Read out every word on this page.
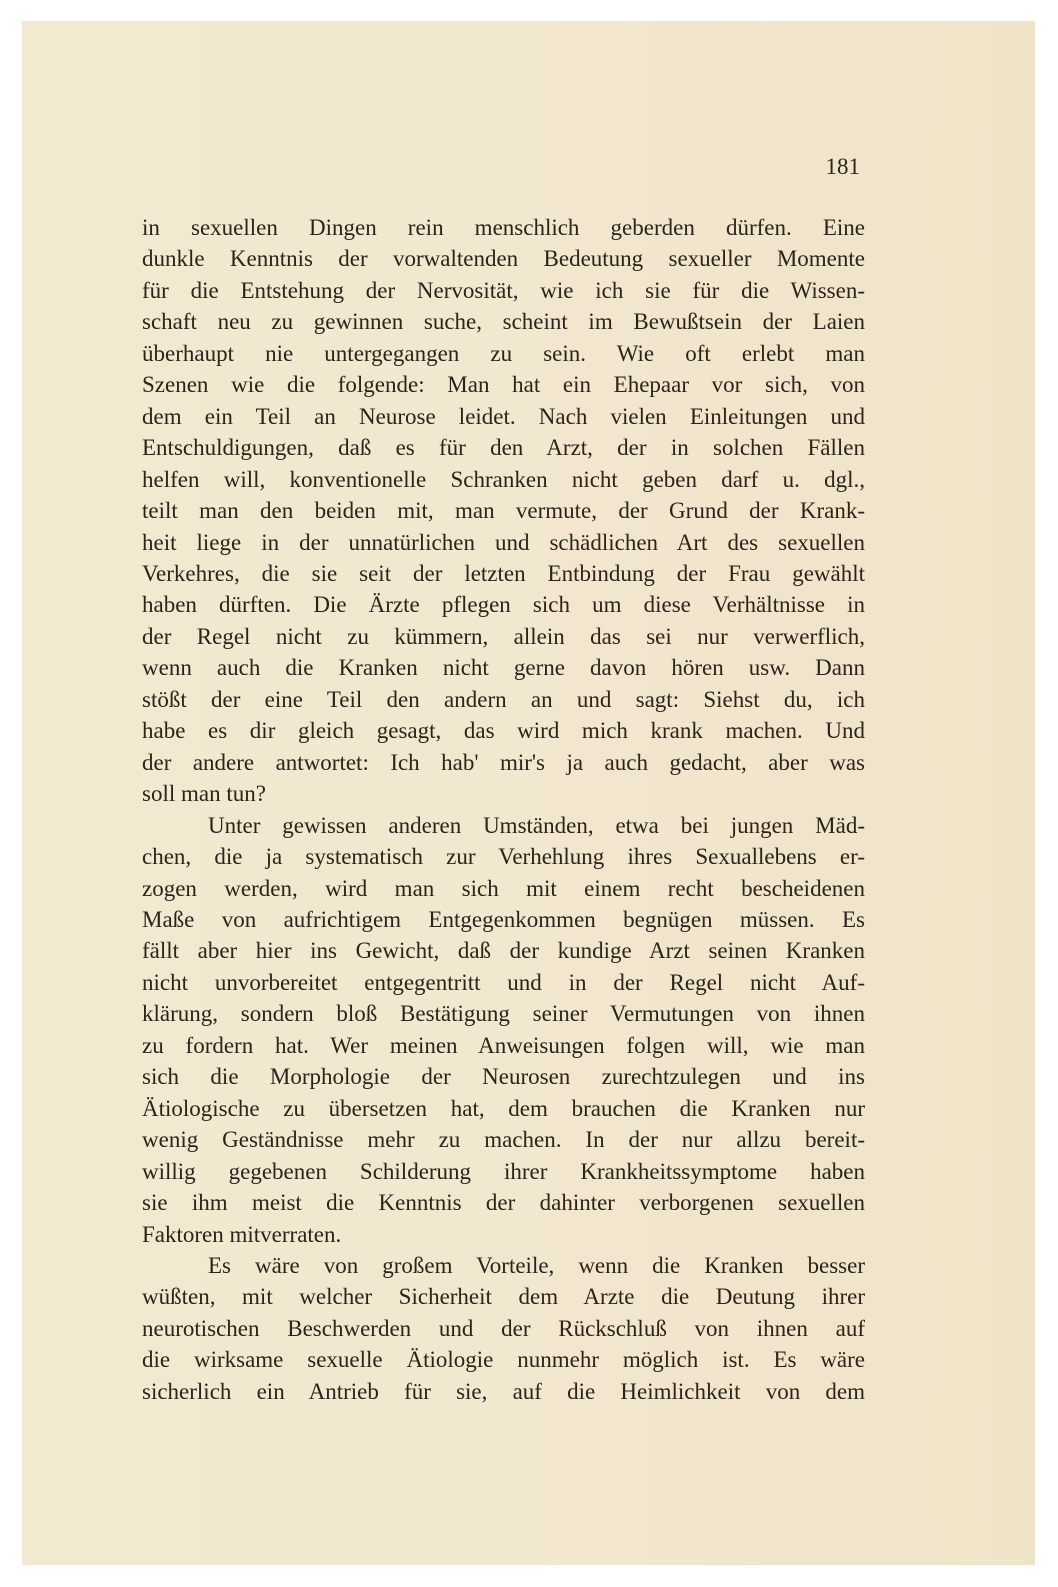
181
in sexuellen Dingen rein menschlich geberden dürfen. Eine
dunkle Kenntnis der vorwaltenden Bedeutung sexueller Momente
für die Entstehung der Nervosität, wie ich sie für die Wissen-
schaft neu zu gewinnen suche, scheint im Bewußtsein der Laien
überhaupt nie untergegangen zu sein. Wie oft erlebt man
Szenen wie die folgende: Man hat ein Ehepaar vor sich, von
dem ein Teil an Neurose leidet. Nach vielen Einleitungen und
Entschuldigungen, daß es für den Arzt, der in solchen Fällen
helfen will, konventionelle Schranken nicht geben darf u. dgl.,
teilt man den beiden mit, man vermute, der Grund der Krank-
heit liege in der unnatürlichen und schädlichen Art des sexuellen
Verkehres, die sie seit der letzten Entbindung der Frau gewählt
haben dürften. Die Ärzte pflegen sich um diese Verhältnisse in
der Regel nicht zu kümmern, allein das sei nur verwerflich,
wenn auch die Kranken nicht gerne davon hören usw. Dann
stößt der eine Teil den andern an und sagt: Siehst du, ich
habe es dir gleich gesagt, das wird mich krank machen. Und
der andere antwortet: Ich hab' mir's ja auch gedacht, aber was
soll man tun?
Unter gewissen anderen Umständen, etwa bei jungen Mäd-
chen, die ja systematisch zur Verhehlung ihres Sexuallebens er-
zogen werden, wird man sich mit einem recht bescheidenen
Maße von aufrichtigem Entgegenkommen begnügen müssen. Es
fällt aber hier ins Gewicht, daß der kundige Arzt seinen Kranken
nicht unvorbereitet entgegentritt und in der Regel nicht Auf-
klärung, sondern bloß Bestätigung seiner Vermutungen von ihnen
zu fordern hat. Wer meinen Anweisungen folgen will, wie man
sich die Morphologie der Neurosen zurechtzulegen und ins
Ätiologische zu übersetzen hat, dem brauchen die Kranken nur
wenig Geständnisse mehr zu machen. In der nur allzu bereit-
willig gegebenen Schilderung ihrer Krankheitssymptome haben
sie ihm meist die Kenntnis der dahinter verborgenen sexuellen
Faktoren mitverraten.
Es wäre von großem Vorteile, wenn die Kranken besser
wüßten, mit welcher Sicherheit dem Arzte die Deutung ihrer
neurotischen Beschwerden und der Rückschluß von ihnen auf
die wirksame sexuelle Ätiologie nunmehr möglich ist. Es wäre
sicherlich ein Antrieb für sie, auf die Heimlichkeit von dem
